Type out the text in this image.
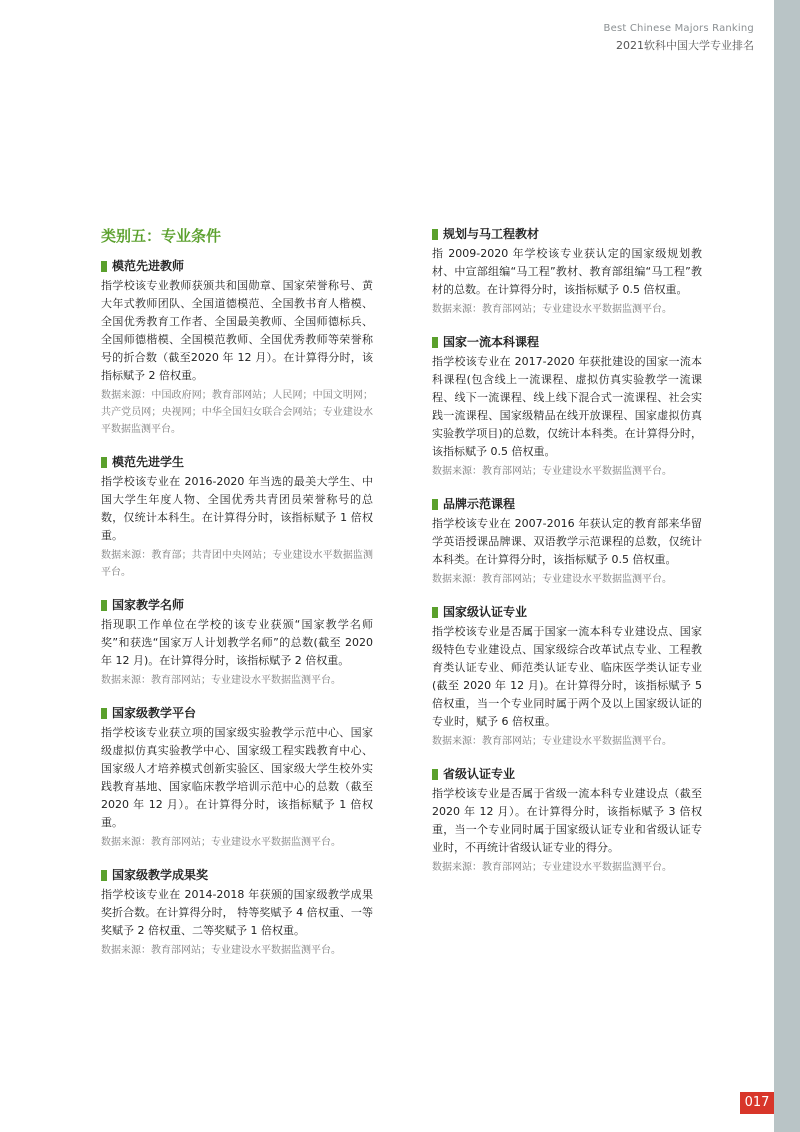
Best Chinese Majors Ranking
2021软科中国大学专业排名
类别五：专业条件
模范先进教师
指学校该专业教师获颁共和国勋章、国家荣誉称号、黄大年式教师团队、全国道德模范、全国教书育人楷模、全国优秀教育工作者、全国最美教师、全国师德标兵、全国师德楷模、全国模范教师、全国优秀教师等荣誉称号的折合数（截至2020 年 12 月）。在计算得分时，该指标赋予 2 倍权重。
数据来源：中国政府网；教育部网站；人民网；中国文明网；共产党员网；央视网；中华全国妇女联合会网站；专业建设水平数据监测平台。
模范先进学生
指学校该专业在 2016-2020 年当选的最美大学生、中国大学生年度人物、全国优秀共青团员荣誉称号的总数，仅统计本科生。在计算得分时，该指标赋予 1 倍权重。
数据来源：教育部；共青团中央网站；专业建设水平数据监测平台。
国家教学名师
指现职工作单位在学校的该专业获颁“国家教学名师奖”和获选“国家万人计划教学名师”的总数(截至 2020 年 12 月)。在计算得分时，该指标赋予 2 倍权重。
数据来源：教育部网站；专业建设水平数据监测平台。
国家级教学平台
指学校该专业获立项的国家级实验教学示范中心、国家级虚拟仿真实验教学中心、国家级工程实践教育中心、国家级人才培养模式创新实验区、国家级大学生校外实践教育基地、国家临床教学培训示范中心的总数（截至 2020 年 12 月）。在计算得分时，该指标赋予 1 倍权重。
数据来源：教育部网站；专业建设水平数据监测平台。
国家级教学成果奖
指学校该专业在 2014-2018 年获颁的国家级教学成果奖折合数。在计算得分时， 特等奖赋予 4 倍权重、一等奖赋予 2 倍权重、二等奖赋予 1 倍权重。
数据来源：教育部网站；专业建设水平数据监测平台。
规划与马工程教材
指 2009-2020 年学校该专业获认定的国家级规划教材、中宣部组编“马工程”教材、教育部组编“马工程”教材的总数。在计算得分时，该指标赋予 0.5 倍权重。
数据来源：教育部网站；专业建设水平数据监测平台。
国家一流本科课程
指学校该专业在 2017-2020 年获批建设的国家一流本科课程(包含线上一流课程、虚拟仿真实验教学一流课程、线下一流课程、线上线下混合式一流课程、社会实践一流课程、国家级精品在线开放课程、国家虚拟仿真实验教学项目)的总数，仅统计本科类。在计算得分时，该指标赋予 0.5 倍权重。
数据来源：教育部网站；专业建设水平数据监测平台。
品牌示范课程
指学校该专业在 2007-2016 年获认定的教育部来华留学英语授课品牌课、双语教学示范课程的总数，仅统计本科类。在计算得分时，该指标赋予 0.5 倍权重。
数据来源：教育部网站；专业建设水平数据监测平台。
国家级认证专业
指学校该专业是否属于国家一流本科专业建设点、国家级特色专业建设点、国家级综合改革试点专业、工程教育类认证专业、师范类认证专业、临床医学类认证专业(截至 2020 年 12 月)。在计算得分时，该指标赋予 5 倍权重，当一个专业同时属于两个及以上国家级认证的专业时，赋予 6 倍权重。
数据来源：教育部网站；专业建设水平数据监测平台。
省级认证专业
指学校该专业是否属于省级一流本科专业建设点（截至2020 年 12 月）。在计算得分时，该指标赋予 3 倍权重，当一个专业同时属于国家级认证专业和省级认证专业时，不再统计省级认证专业的得分。
数据来源：教育部网站；专业建设水平数据监测平台。
017
